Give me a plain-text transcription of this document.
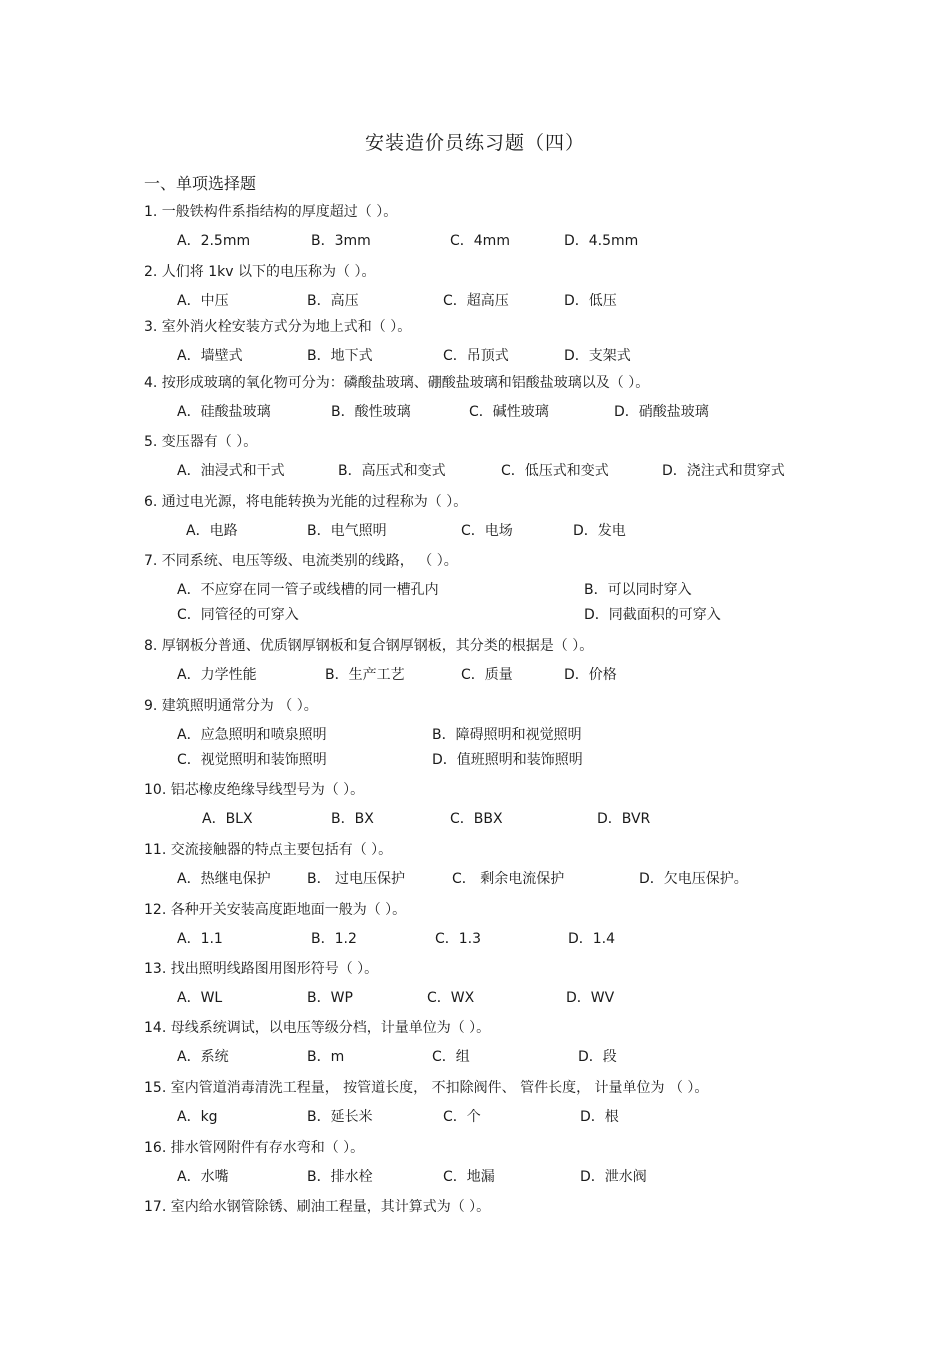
安装造价员练习题（四）
一、单项选择题
1. 一般铁构件系指结构的厚度超过（ ）。
A．2.5mm	B．3mm	C．4mm	D．4.5mm
2. 人们将 1kv 以下的电压称为（ ）。
A．中压	B．高压	C．超高压	D．低压
3. 室外消火栓安装方式分为地上式和（ ）。
A．墙壁式	B．地下式	C．吊顶式	D．支架式
4. 按形成玻璃的氧化物可分为：磷酸盐玻璃、硼酸盐玻璃和铝酸盐玻璃以及（ ）。
A．硅酸盐玻璃	B．酸性玻璃	C．碱性玻璃	D．硝酸盐玻璃
5. 变压器有（ ）。
A．油浸式和干式	B．高压式和变式	C．低压式和变式	D．浇注式和贯穿式
6. 通过电光源，将电能转换为光能的过程称为（ ）。
A．电路	B．电气照明	C．电场	D．发电
7. 不同系统、电压等级、电流类别的线路， （ ）。
A．不应穿在同一管子或线槽的同一槽孔内	B．可以同时穿入
C．同管径的可穿入	D．同截面积的可穿入
8. 厚钢板分普通、优质钢厚钢板和复合钢厚钢板，其分类的根据是（ ）。
A．力学性能	B．生产工艺	C．质量	D．价格
9. 建筑照明通常分为 （ ）。
A．应急照明和喷泉照明	B．障碍照明和视觉照明
C．视觉照明和装饰照明	D．值班照明和装饰照明
10. 铝芯橡皮绝缘导线型号为（ ）。
A．BLX	B．BX	C．BBX	D．BVR
11. 交流接触器的特点主要包括有（ ）。
A．热继电保护	B． 过电压保护	C． 剩余电流保护	D．欠电压保护。
12. 各种开关安装高度距地面一般为（ ）。
A．1.1	B．1.2	C．1.3	D．1.4
13. 找出照明线路图用图形符号（ ）。
A．WL	B．WP	C．WX	D．WV
14. 母线系统调试，以电压等级分档，计量单位为（ ）。
A．系统	B．m	C．组	D．段
15. 室内管道消毒清洗工程量， 按管道长度， 不扣除阀件、 管件长度， 计量单位为 （ ）。
A．kg	B．延长米	C．个	D．根
16. 排水管网附件有存水弯和（ ）。
A．水嘴	B．排水栓	C．地漏	D．泄水阀
17. 室内给水钢管除锈、刷油工程量，其计算式为（ ）。
